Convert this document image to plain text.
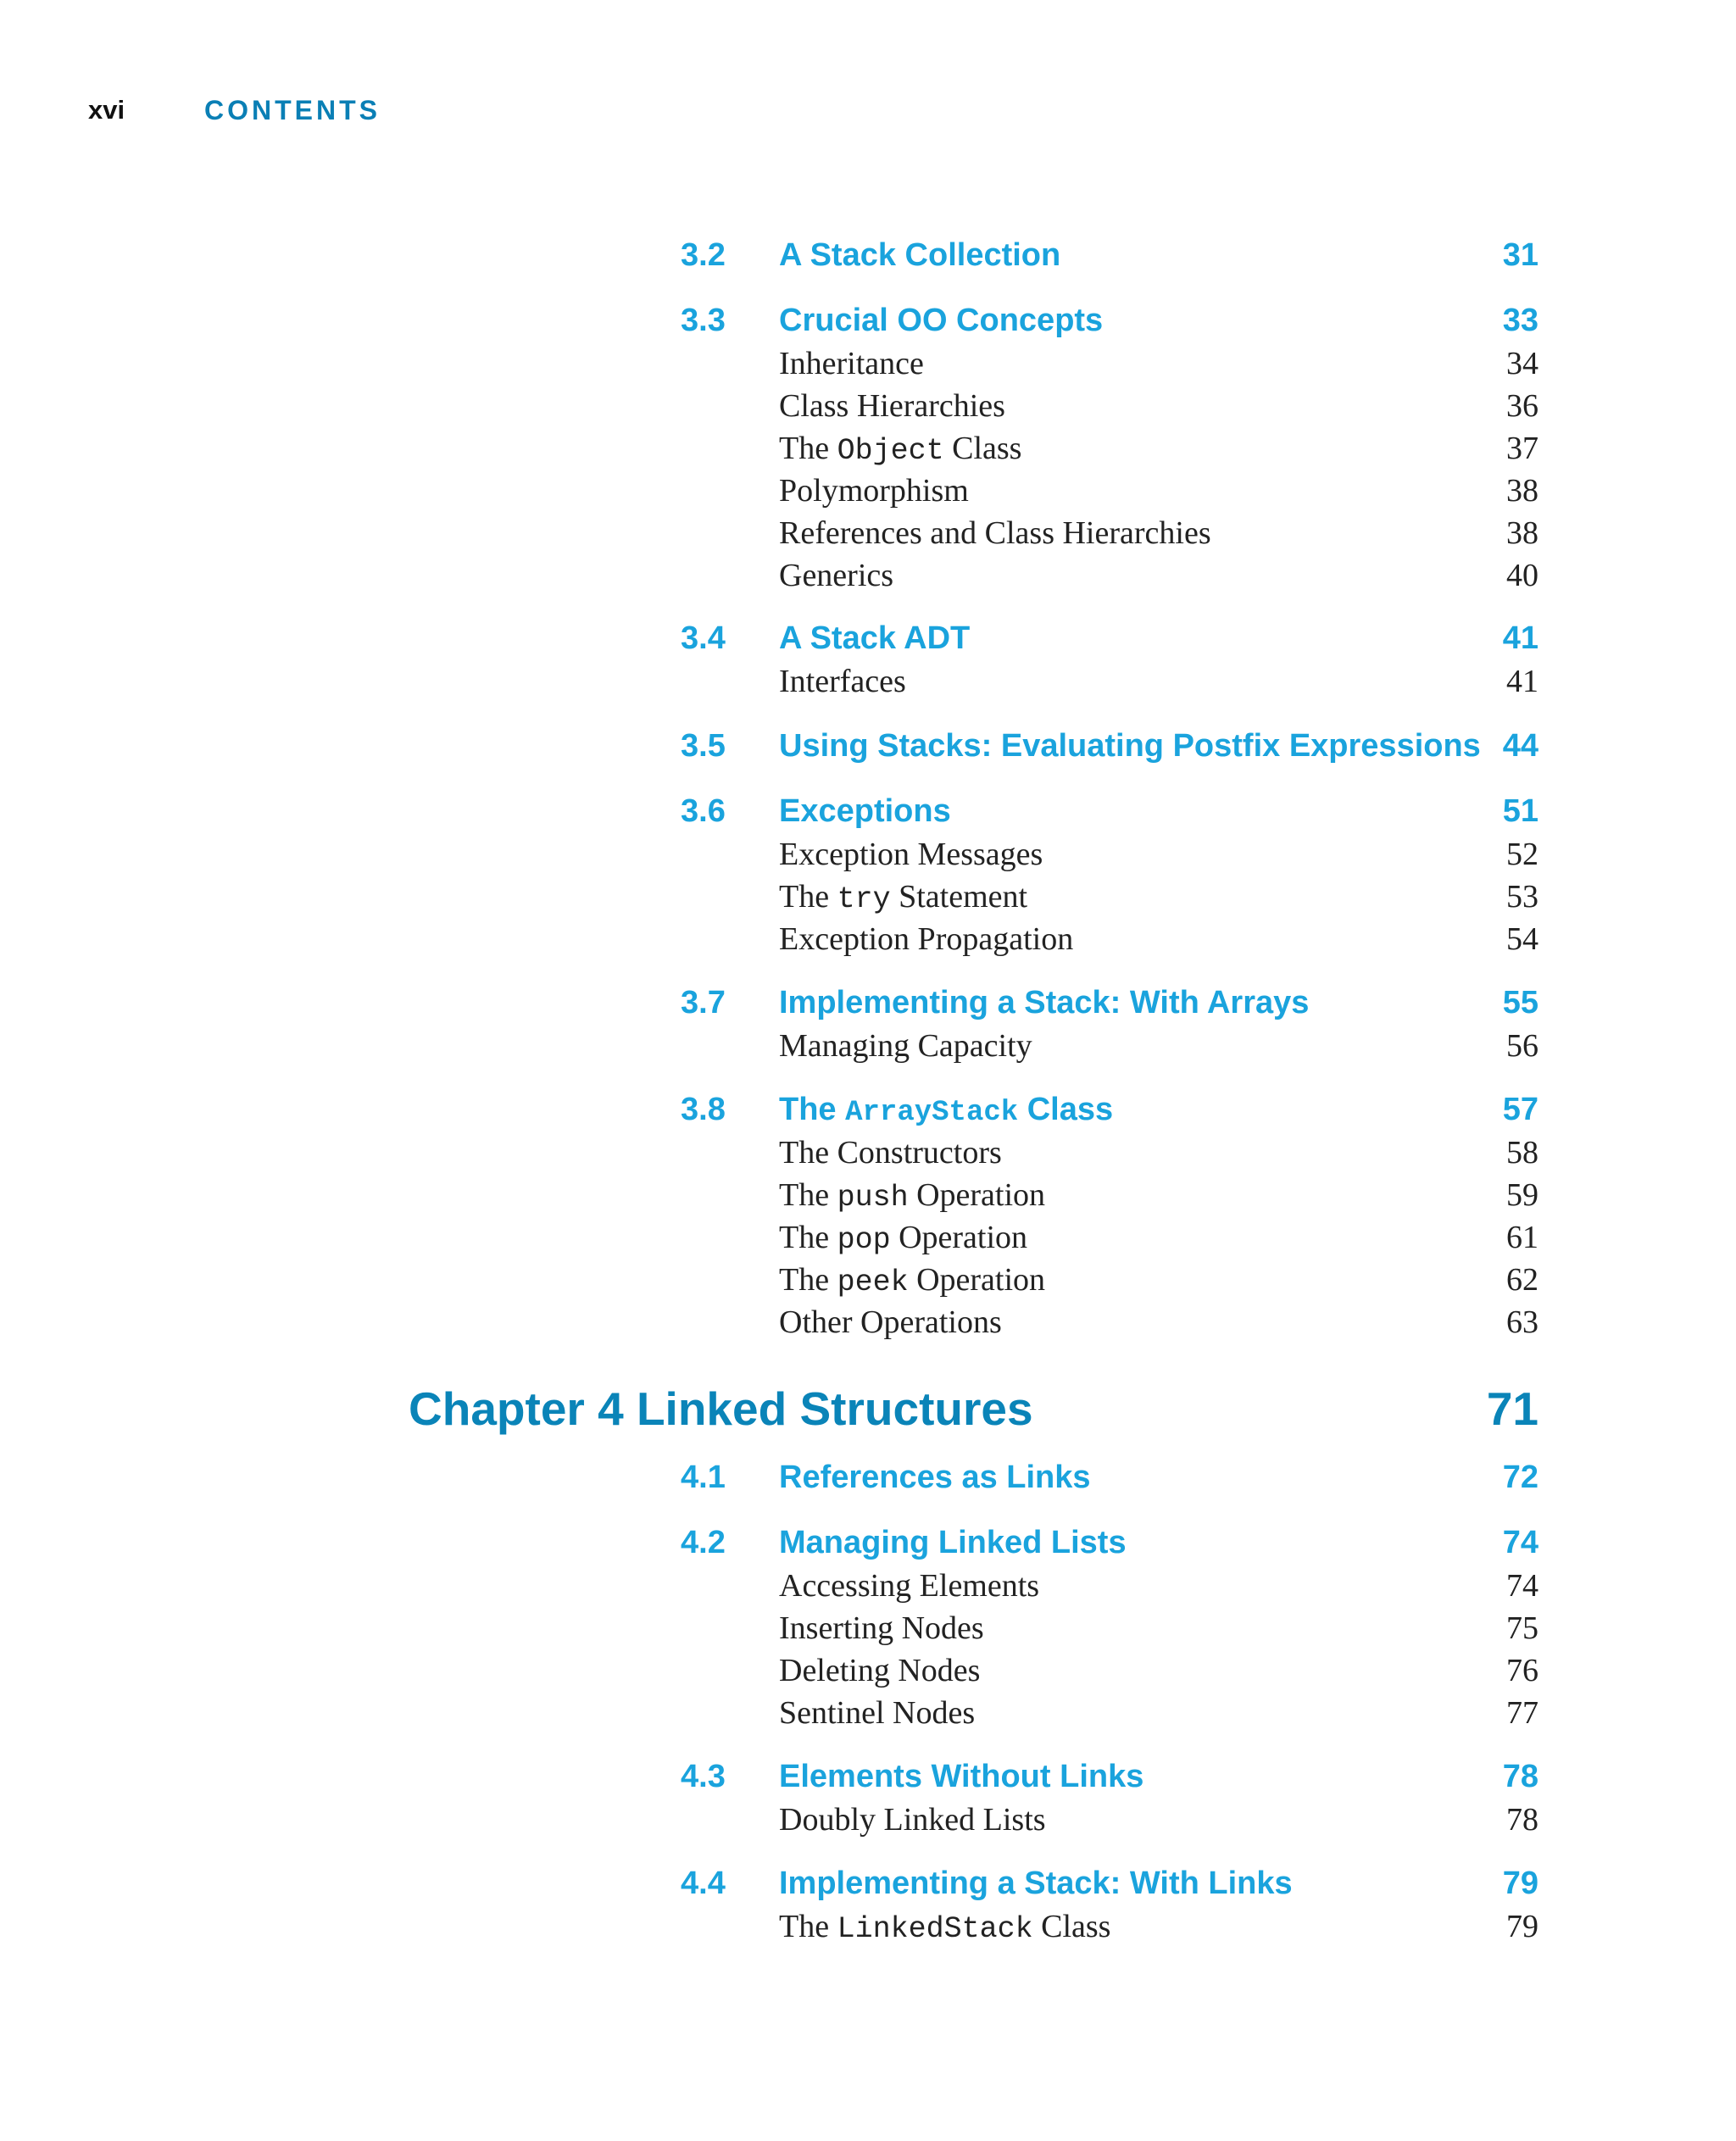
xvi	CONTENTS
3.2 A Stack Collection	31
3.3 Crucial OO Concepts	33
Inheritance	34
Class Hierarchies	36
The Object Class	37
Polymorphism	38
References and Class Hierarchies	38
Generics	40
3.4 A Stack ADT	41
Interfaces	41
3.5 Using Stacks: Evaluating Postfix Expressions 44
3.6 Exceptions	51
Exception Messages	52
The try Statement	53
Exception Propagation	54
3.7 Implementing a Stack: With Arrays	55
Managing Capacity	56
3.8 The ArrayStack Class	57
The Constructors	58
The push Operation	59
The pop Operation	61
The peek Operation	62
Other Operations	63
Chapter 4 Linked Structures	71
4.1 References as Links	72
4.2 Managing Linked Lists	74
Accessing Elements	74
Inserting Nodes	75
Deleting Nodes	76
Sentinel Nodes	77
4.3 Elements Without Links	78
Doubly Linked Lists	78
4.4 Implementing a Stack: With Links	79
The LinkedStack Class	79
